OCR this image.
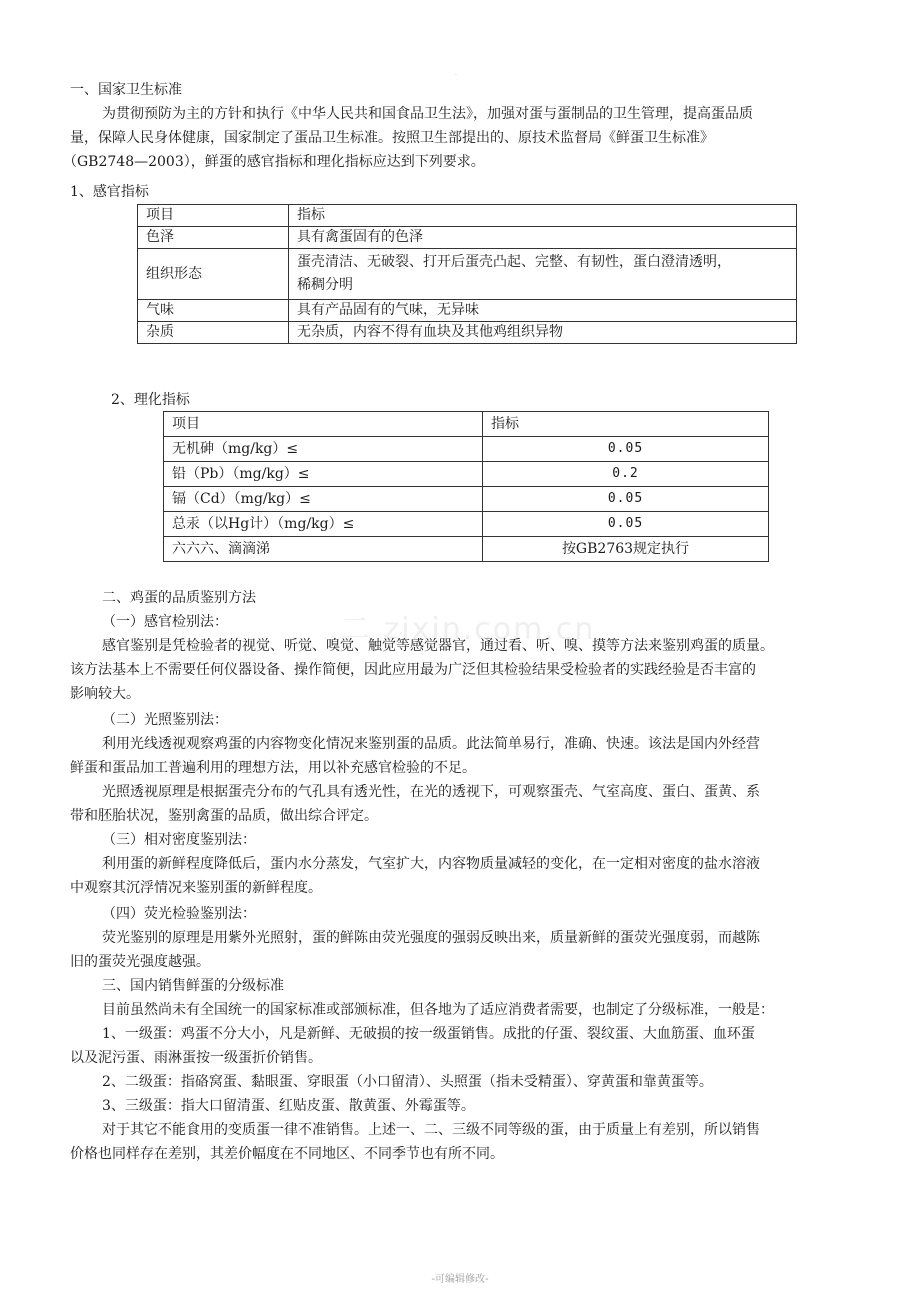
.
一、国家卫生标准
为贯彻预防为主的方针和执行《中华人民共和国食品卫生法》，加强对蛋与蛋制品的卫生管理，提高蛋品质
量，保障人民身体健康，国家制定了蛋品卫生标准。按照卫生部提出的、原技术监督局《鲜蛋卫生标准》
（GB2748—2003），鲜蛋的感官指标和理化指标应达到下列要求。
1、感官指标
项目	指标
色泽	具有禽蛋固有的色泽
组织形态	蛋壳清洁、无破裂、打开后蛋壳凸起、完整、有韧性，蛋白澄清透明，
稀稠分明

气味	具有产品固有的气味，无异味
杂质	无杂质，内容不得有血块及其他鸡组织异物
2、理化指标
项目	指标
无机砷（mg/kg）≤	0.05
铅（Pb）（mg/kg）≤	0.2
镉（Cd）（mg/kg）≤	0.05
总汞（以Hg计）（mg/kg）≤	0.05
六六六、滴滴涕	按GB2763规定执行
二 zixin.com.cn
二、鸡蛋的品质鉴别方法
（一）感官检别法：
感官鉴别是凭检验者的视觉、听觉、嗅觉、触觉等感觉器官，通过看、听、嗅、摸等方法来鉴别鸡蛋的质量。
该方法基本上不需要任何仪器设备、操作简便，因此应用最为广泛但其检验结果受检验者的实践经验是否丰富的
影响较大。
（二）光照鉴别法：
利用光线透视观察鸡蛋的内容物变化情况来鉴别蛋的品质。此法简单易行，准确、快速。该法是国内外经营
鲜蛋和蛋品加工普遍利用的理想方法，用以补充感官检验的不足。
光照透视原理是根据蛋壳分布的气孔具有透光性，在光的透视下，可观察蛋壳、气室高度、蛋白、蛋黄、系
带和胚胎状况，鉴别禽蛋的品质，做出综合评定。
（三）相对密度鉴别法：
利用蛋的新鲜程度降低后，蛋内水分蒸发，气室扩大，内容物质量减轻的变化，在一定相对密度的盐水溶液
中观察其沉浮情况来鉴别蛋的新鲜程度。
（四）荧光检验鉴别法：
荧光鉴别的原理是用紫外光照射，蛋的鲜陈由荧光强度的强弱反映出来，质量新鲜的蛋荧光强度弱，而越陈
旧的蛋荧光强度越强。
三、国内销售鲜蛋的分级标准
目前虽然尚未有全国统一的国家标准或部颁标准，但各地为了适应消费者需要，也制定了分级标准，一般是：
1、一级蛋：鸡蛋不分大小，凡是新鲜、无破损的按一级蛋销售。成批的仔蛋、裂纹蛋、大血筋蛋、血环蛋
以及泥污蛋、雨淋蛋按一级蛋折价销售。
2、二级蛋：指硌窝蛋、黏眼蛋、穿眼蛋（小口留清）、头照蛋（指未受精蛋）、穿黄蛋和靠黄蛋等。
3、三级蛋：指大口留清蛋、红贴皮蛋、散黄蛋、外霉蛋等。
对于其它不能食用的变质蛋一律不准销售。上述一、二、三级不同等级的蛋，由于质量上有差别，所以销售
价格也同样存在差别，其差价幅度在不同地区、不同季节也有所不同。
-可编辑修改-
